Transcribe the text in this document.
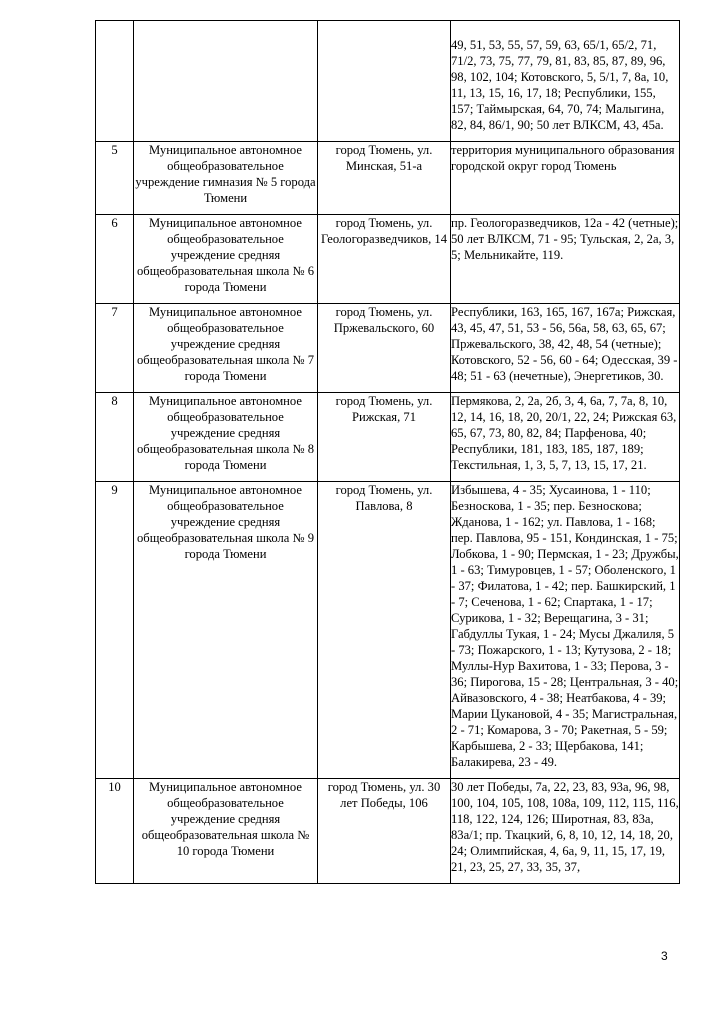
			49, 51, 53, 55, 57, 59, 63, 65/1, 65/2, 71, 71/2, 73, 75, 77, 79, 81, 83, 85, 87, 89, 96, 98, 102, 104; Котовского, 5, 5/1, 7, 8а, 10, 11, 13, 15, 16, 17, 18; Республики, 155, 157; Таймырская, 64, 70, 74; Малыгина, 82, 84, 86/1, 90; 50 лет ВЛКСМ, 43, 45а.
5	Муниципальное автономное общеобразовательное учреждение гимназия № 5 города Тюмени	город Тюмень, ул. Минская, 51-а	территория муниципального образования городской округ город Тюмень
6	Муниципальное автономное общеобразовательное учреждение средняя общеобразовательная школа № 6 города Тюмени	город Тюмень, ул. Геологоразведчиков, 14	пр. Геологоразведчиков, 12а - 42 (четные); 50 лет ВЛКСМ, 71 - 95; Тульская, 2, 2а, 3, 5; Мельникайте, 119.
7	Муниципальное автономное общеобразовательное учреждение средняя общеобразовательная школа № 7 города Тюмени	город Тюмень, ул. Пржевальского, 60	Республики, 163, 165, 167, 167а; Рижская, 43, 45, 47, 51, 53 - 56, 56а, 58, 63, 65, 67; Пржевальского, 38, 42, 48, 54 (четные); Котовского, 52 - 56, 60 - 64; Одесская, 39 - 48; 51 - 63 (нечетные), Энергетиков, 30.
8	Муниципальное автономное общеобразовательное учреждение средняя общеобразовательная школа № 8 города Тюмени	город Тюмень, ул. Рижская, 71	Пермякова, 2, 2а, 2б, 3, 4, 6а, 7, 7а, 8, 10, 12, 14, 16, 18, 20, 20/1, 22, 24; Рижская 63, 65, 67, 73, 80, 82, 84; Парфенова, 40; Республики, 181, 183, 185, 187, 189; Текстильная, 1, 3, 5, 7, 13, 15, 17, 21.
9	Муниципальное автономное общеобразовательное учреждение средняя общеобразовательная школа № 9 города Тюмени	город Тюмень, ул. Павлова, 8	Избышева, 4 - 35; Хусаинова, 1 - 110; Безноскова, 1 - 35; пер. Безноскова; Жданова, 1 - 162; ул. Павлова, 1 - 168; пер. Павлова, 95 - 151, Кондинская, 1 - 75; Лобкова, 1 - 90; Пермская, 1 - 23; Дружбы, 1 - 63; Тимуровцев, 1 - 57; Оболенского, 1 - 37; Филатова, 1 - 42; пер. Башкирский, 1 - 7; Сеченова, 1 - 62; Спартака, 1 - 17; Сурикова, 1 - 32; Верещагина, 3 - 31; Габдуллы Тукая, 1 - 24; Мусы Джалиля, 5 - 73; Пожарского, 1 - 13; Кутузова, 2 - 18; Муллы-Нур Вахитова, 1 - 33; Перова, 3 - 36; Пирогова, 15 - 28; Центральная, 3 - 40; Айвазовского, 4 - 38; Неатбакова, 4 - 39; Марии Цукановой, 4 - 35; Магистральная, 2 - 71; Комарова, 3 - 70; Ракетная, 5 - 59; Карбышева, 2 - 33; Щербакова, 141; Балакирева, 23 - 49.
10	Муниципальное автономное общеобразовательное учреждение средняя общеобразовательная школа № 10 города Тюмени	город Тюмень, ул. 30 лет Победы, 106	30 лет Победы, 7а, 22, 23, 83, 93а, 96, 98, 100, 104, 105, 108, 108а, 109, 112, 115, 116, 118, 122, 124, 126; Широтная, 83, 83а, 83а/1; пр. Ткацкий, 6, 8, 10, 12, 14, 18, 20, 24; Олимпийская, 4, 6а, 9, 11, 15, 17, 19, 21, 23, 25, 27, 33, 35, 37,
3
